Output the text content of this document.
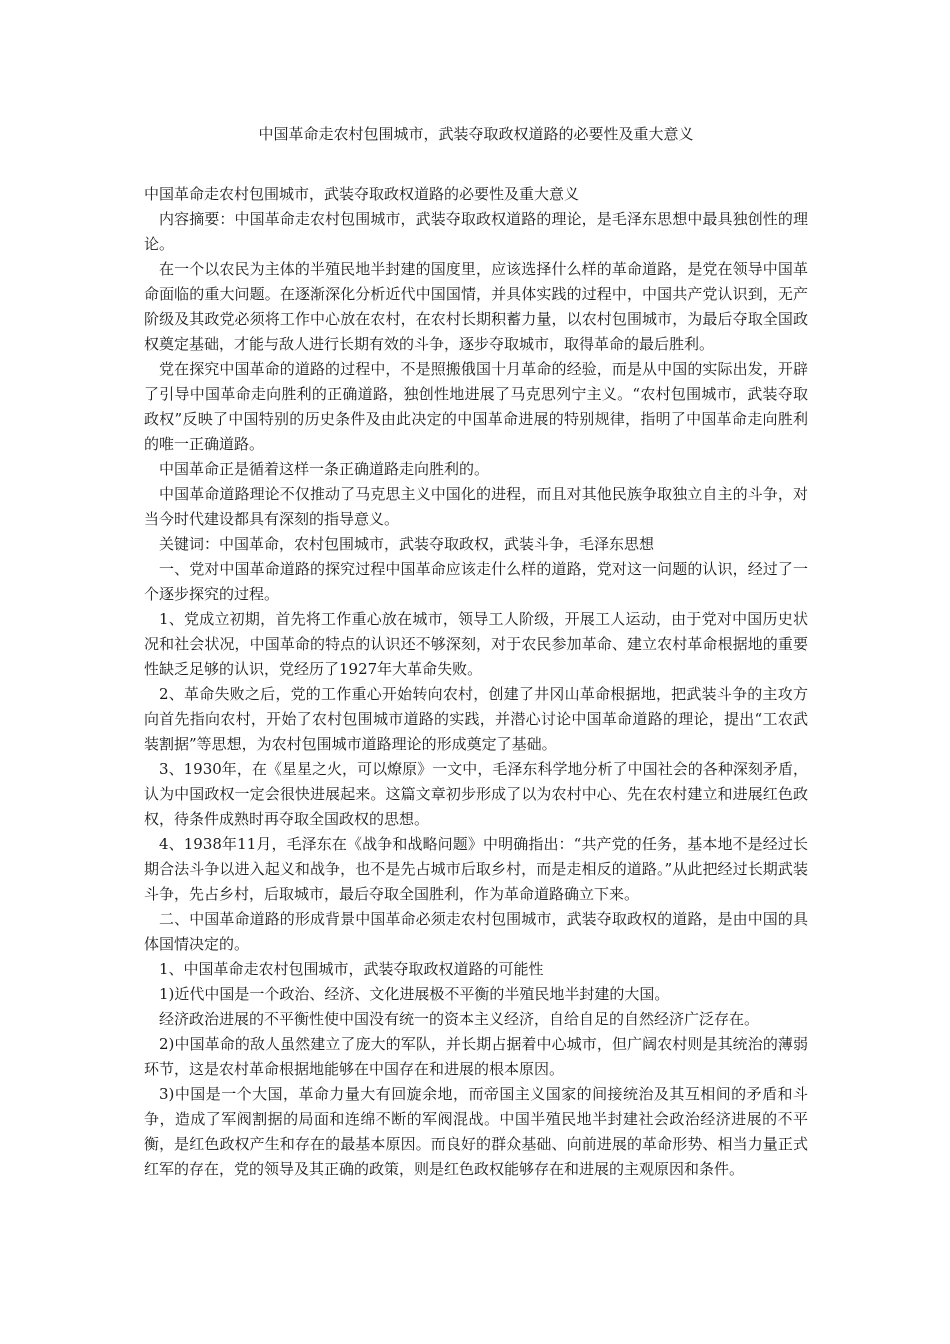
中国革命走农村包围城市，武装夺取政权道路的必要性及重大意义

中国革命走农村包围城市，武装夺取政权道路的必要性及重大意义

内容摘要：中国革命走农村包围城市，武装夺取政权道路的理论，是毛泽东思想中最具独创性的理论。

在一个以农民为主体的半殖民地半封建的国度里，应该选择什么样的革命道路，是党在领导中国革命面临的重大问题。在逐渐深化分析近代中国国情，并具体实践的过程中，中国共产党认识到，无产阶级及其政党必须将工作中心放在农村，在农村长期积蓄力量，以农村包围城市，为最后夺取全国政权奠定基础，才能与敌人进行长期有效的斗争，逐步夺取城市，取得革命的最后胜利。

党在探究中国革命的道路的过程中，不是照搬俄国十月革命的经验，而是从中国的实际出发，开辟了引导中国革命走向胜利的正确道路，独创性地进展了马克思列宁主义。“农村包围城市，武装夺取政权”反映了中国特别的历史条件及由此决定的中国革命进展的特别规律，指明了中国革命走向胜利的唯一正确道路。

中国革命正是循着这样一条正确道路走向胜利的。

中国革命道路理论不仅推动了马克思主义中国化的进程，而且对其他民族争取独立自主的斗争，对当今时代建设都具有深刻的指导意义。

关键词：中国革命，农村包围城市，武装夺取政权，武装斗争，毛泽东思想

一、党对中国革命道路的探究过程中国革命应该走什么样的道路，党对这一问题的认识，经过了一个逐步探究的过程。

1、党成立初期，首先将工作重心放在城市，领导工人阶级，开展工人运动，由于党对中国历史状况和社会状况，中国革命的特点的认识还不够深刻，对于农民参加革命、建立农村革命根据地的重要性缺乏足够的认识，党经历了1927年大革命失败。

2、革命失败之后，党的工作重心开始转向农村，创建了井冈山革命根据地，把武装斗争的主攻方向首先指向农村，开始了农村包围城市道路的实践，并潜心讨论中国革命道路的理论，提出“工农武装割据”等思想，为农村包围城市道路理论的形成奠定了基础。

3、1930年，在《星星之火，可以燎原》一文中，毛泽东科学地分析了中国社会的各种深刻矛盾，认为中国政权一定会很快进展起来。这篇文章初步形成了以为农村中心、先在农村建立和进展红色政权，待条件成熟时再夺取全国政权的思想。

4、1938年11月，毛泽东在《战争和战略问题》中明确指出：“共产党的任务，基本地不是经过长期合法斗争以进入起义和战争，也不是先占城市后取乡村，而是走相反的道路。”从此把经过长期武装斗争，先占乡村，后取城市，最后夺取全国胜利，作为革命道路确立下来。

二、中国革命道路的形成背景中国革命必须走农村包围城市，武装夺取政权的道路，是由中国的具体国情决定的。

1、中国革命走农村包围城市，武装夺取政权道路的可能性

1)近代中国是一个政治、经济、文化进展极不平衡的半殖民地半封建的大国。

经济政治进展的不平衡性使中国没有统一的资本主义经济，自给自足的自然经济广泛存在。

2)中国革命的敌人虽然建立了庞大的军队，并长期占据着中心城市，但广阔农村则是其统治的薄弱环节，这是农村革命根据地能够在中国存在和进展的根本原因。

3)中国是一个大国，革命力量大有回旋余地，而帝国主义国家的间接统治及其互相间的矛盾和斗争，造成了军阀割据的局面和连绵不断的军阀混战。中国半殖民地半封建社会政治经济进展的不平衡，是红色政权产生和存在的最基本原因。而良好的群众基础、向前进展的革命形势、相当力量正式红军的存在，党的领导及其正确的政策，则是红色政权能够存在和进展的主观原因和条件。
